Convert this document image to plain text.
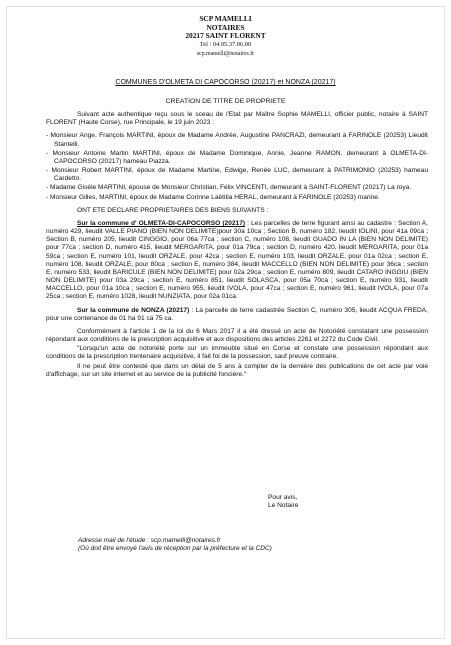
SCP MAMELLI
NOTAIRES
20217 SAINT FLORENT
Tel : 04.95.37.06.00
scp.mamelli@notaires.fr
COMMUNES D'OLMETA DI CAPOCORSO (20217) et NONZA (20217)
CREATION DE TITRE DE PROPRIETE

Suivant acte authentique reçu sous le sceau de l'Etat par Maître Sophie MAMELLI, officier public, notaire à SAINT FLORENT (Haute Corse), rue Principale, le 19 juin 2023 :

- Monsieur Ange, François MARTINI, époux de Madame Andrée, Augustine PANCRAZI, demeurant à FARINOLE (20253) Lieudit Stantelli.

- Monsieur Antoine Martin MARTINI, époux de Madame Dominique, Annie, Jeanne RAMON, demeurant à OLMETA-DI-CAPOCORSO (20217) hameau Piazza.

- Monsieur Robert MARTINI, époux de Madame Martine, Edwige, Renée LUC, demeurant à PATRIMONIO (20253) hameau Cardetto.

- Madame Gisèle MARTINI, épouse de Monsieur Christian, Félix VINCENTI, demeurant à SAINT-FLORENT (20217) La roya.

- Monsieur Gilles, MARTINI, époux de Madame Corinne Laëtitia HERAL, demeurant à FARINOLE (20253) marine.

ONT ETE DECLARE PROPRIETAIRES DES BIENS SUIVANTS :

Sur la commune d' OLMETA-DI-CAPOCORSO (20217) : Les parcelles de terre figurant ainsi au cadastre : Section A, numéro 429, lieudit VALLE PIANO (BIEN NON DELIMITE)pour 30a 10ca ; Section B, numéro 182, lieudit IOLINI, pour 41a 09ca ; Section B, numéro 205, lieudit CINGGIO, pour 06a 77ca ; section C, numéro 108, lieudit GUADO IN LA (BIEN NON DELIMITE) pour 77ca ; section D, numéro 415, lieudit MERGARITA, pour 01a 79ca ; section D, numéro 420, lieudit MERGARITA, pour 01a 59ca ; section E, numéro 101, lieudit ORZALE, pour 42ca ; section E, numéro 103, lieudit ORZALE, pour 01a 02ca ; section E, numéro 108, lieudit ORZALE, pour 80ca ; section E, numéro 384, lieudit MACCELLO (BIEN NON DELIMITE) pour 36ca ; section E, numéro 533, lieudit BARICULE (BIEN NON DELIMITE) pour 02a 29ca ; section E, numéro 809, lieudit CATARO INGGIU (BIEN NON DELIMITE) pour 03a 29ca ; section E, numéro 851, lieudit SOLASCA, pour 05a 70ca ; section E, numéro 931, lieudit MACCELLO, pour 01a 10ca ; section E, numéro 955, lieudit IVOLA, pour 47ca ; section E, numéro 961, lieudit IVOLA, pour 07a 25ca ; section E, numéro 1028, lieudit NUNZIATA, pour 02a 01ca.

Sur la commune de NONZA (20217) : La parcelle de terre cadastrée Section C, numéro 305, lieudit ACQUA FREDA, pour une contenance de 01 ha 91 ca 75 ca.

Conformément à l'article 1 de la loi du 6 Mars 2017 il a été dressé un acte de Notoriété constatant une possession répondant aux conditions de la prescription acquisitive et aux dispositions des articles 2261 et 2272 du Code Civil.

"Lorsqu'un acte de notoriété porte sur un immeuble situé en Corse et constate une possession répondant aux conditions de la prescription trentenaire acquisitive, il fait foi de la possession, sauf preuve contraire.

Il ne peut être contesté que dans un délai de 5 ans à compter de la dernière des publications de cet acte par voie d'affichage, sur un site internet et au service de la publicité foncière."

Pour avis,
Le Notaire
Adresse mail de l'étude : scp.mamelli@notaires.fr
(Où doit être envoyé l'avis de réception par la préfecture et la CDC)
